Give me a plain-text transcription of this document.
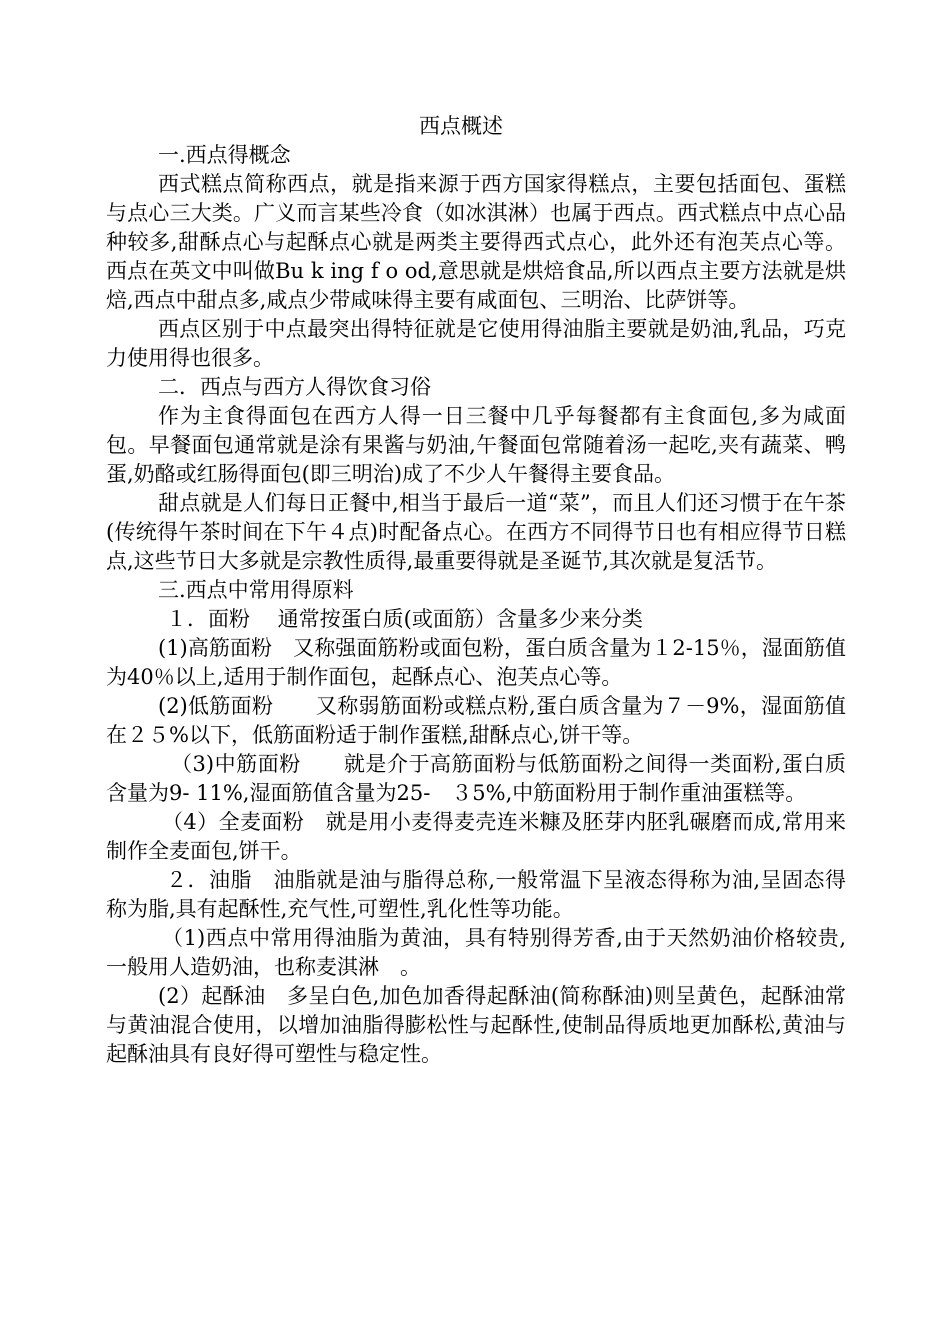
西点概述

一.西点得概念

西式糕点简称西点，就是指来源于西方国家得糕点，主要包括面包、蛋糕与点心三大类。广义而言某些冷食（如冰淇淋）也属于西点。西式糕点中点心品种较多,甜酥点心与起酥点心就是两类主要得西式点心，此外还有泡芙点心等。西点在英文中叫做Bu k ing f o od,意思就是烘焙食品,所以西点主要方法就是烘焙,西点中甜点多,咸点少带咸味得主要有咸面包、三明治、比萨饼等。

西点区别于中点最突出得特征就是它使用得油脂主要就是奶油,乳品，巧克力使用得也很多。

二．西点与西方人得饮食习俗

作为主食得面包在西方人得一日三餐中几乎每餐都有主食面包,多为咸面包。早餐面包通常就是涂有果酱与奶油,午餐面包常随着汤一起吃,夹有蔬菜、鸭蛋,奶酪或红肠得面包(即三明治)成了不少人午餐得主要食品。

甜点就是人们每日正餐中,相当于最后一道“菜”，而且人们还习惯于在午茶(传统得午茶时间在下午４点)时配备点心。在西方不同得节日也有相应得节日糕点,这些节日大多就是宗教性质得,最重要得就是圣诞节,其次就是复活节。

三.西点中常用得原料

１．面粉　 通常按蛋白质(或面筋）含量多少来分类

(1)高筋面粉　又称强面筋粉或面包粉，蛋白质含量为１2-15％，湿面筋值为40％以上,适用于制作面包，起酥点心、泡芙点心等。

(2)低筋面粉　　又称弱筋面粉或糕点粉,蛋白质含量为７－9%，湿面筋值在２５%以下，低筋面粉适于制作蛋糕,甜酥点心,饼干等。

（3)中筋面粉　　就是介于高筋面粉与低筋面粉之间得一类面粉,蛋白质含量为9- 11%,湿面筋值含量为25-　３5%,中筋面粉用于制作重油蛋糕等。

（4）全麦面粉　就是用小麦得麦壳连米糠及胚芽内胚乳碾磨而成,常用来制作全麦面包,饼干。

２．油脂　油脂就是油与脂得总称,一般常温下呈液态得称为油,呈固态得称为脂,具有起酥性,充气性,可塑性,乳化性等功能。

（1)西点中常用得油脂为黄油，具有特别得芳香,由于天然奶油价格较贵,一般用人造奶油，也称麦淇淋　。

(2）起酥油　多呈白色,加色加香得起酥油(简称酥油)则呈黄色，起酥油常与黄油混合使用，以增加油脂得膨松性与起酥性,使制品得质地更加酥松,黄油与起酥油具有良好得可塑性与稳定性。
